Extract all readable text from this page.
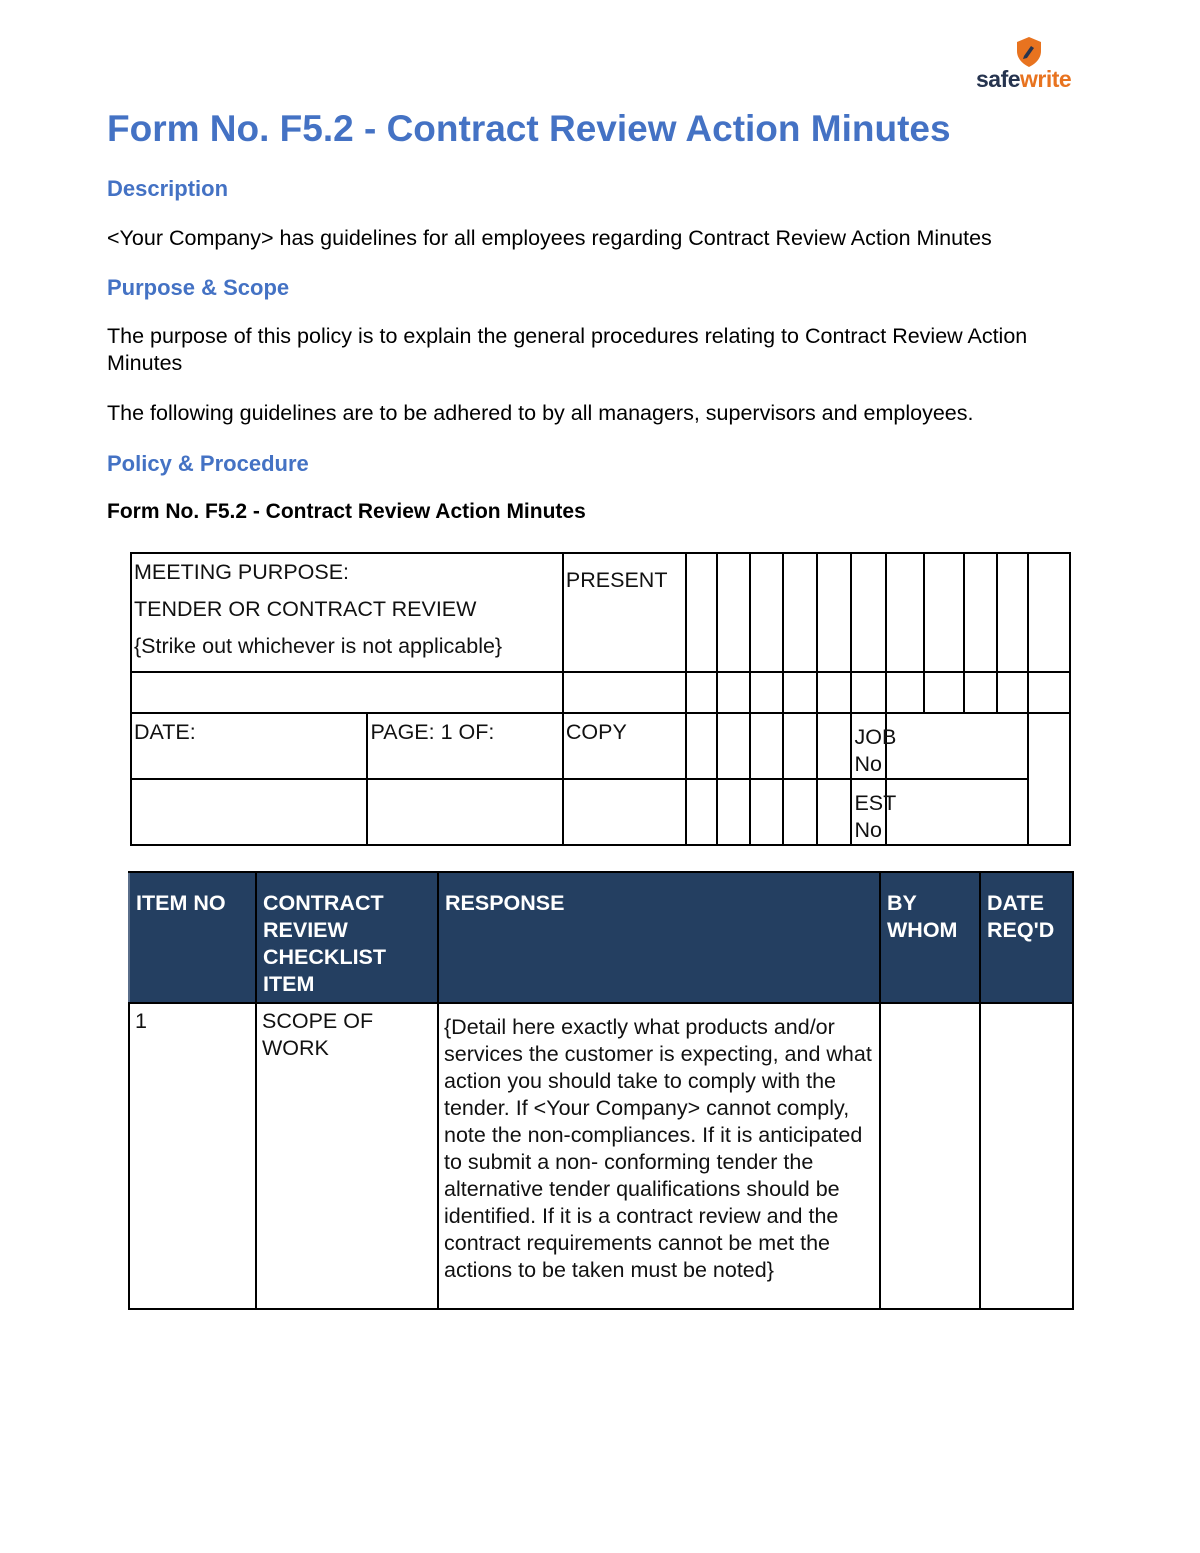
safewrite
Form No. F5.2 - Contract Review Action Minutes
Description

<Your Company> has guidelines for all employees regarding Contract Review Action Minutes

Purpose & Scope

The purpose of this policy is to explain the general procedures relating to Contract Review Action Minutes

The following guidelines are to be adhered to by all managers, supervisors and employees.

Policy & Procedure

Form No. F5.2 - Contract Review Action Minutes

MEETING PURPOSE:
TENDER OR CONTRACT REVIEW
{Strike out whichever is not applicable}		PRESENT											

DATE:	PAGE: 1 OF:	COPY						JOB No					
								EST No					
ITEM NO	CONTRACT REVIEW CHECKLIST ITEM	RESPONSE	BY WHOM	DATE REQ'D
1	SCOPE OF WORK	{Detail here exactly what products and/or services the customer is expecting, and what action you should take to comply with the tender. If <Your Company> cannot comply, note the non-compliances. If it is anticipated to submit a non- conforming tender the alternative tender qualifications should be identified. If it is a contract review and the contract requirements cannot be met the actions to be taken must be noted}		
